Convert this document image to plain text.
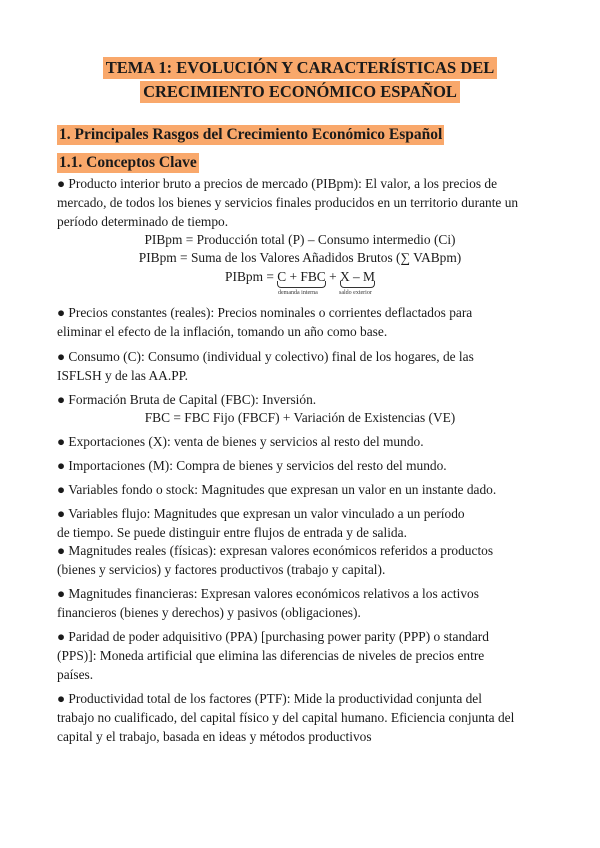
TEMA 1: EVOLUCIÓN Y CARACTERÍSTICAS DEL
CRECIMIENTO ECONÓMICO ESPAÑOL
1. Principales Rasgos del Crecimiento Económico Español
1.1. Conceptos Clave
● Producto interior bruto a precios de mercado (PIBpm): El valor, a los precios de
mercado, de todos los bienes y servicios finales producidos en un territorio durante un
período determinado de tiempo.
PIBpm = Producción total (P) – Consumo intermedio (Ci)
PIBpm = Suma de los Valores Añadidos Brutos (∑ VABpm)
PIBpm = C + FBC
+ X – M
demanda interna	saldo exterior
● Precios constantes (reales): Precios nominales o corrientes deflactados para
eliminar el efecto de la inflación, tomando un año como base.
● Consumo (C): Consumo (individual y colectivo) final de los hogares, de las
ISFLSH y de las AA.PP.
● Formación Bruta de Capital (FBC): Inversión.
FBC = FBC Fijo (FBCF) + Variación de Existencias (VE)
● Exportaciones (X): venta de bienes y servicios al resto del mundo.
● Importaciones (M): Compra de bienes y servicios del resto del mundo.
● Variables fondo o stock: Magnitudes que expresan un valor en un instante dado.
● Variables flujo: Magnitudes que expresan un valor vinculado a un período
de tiempo. Se puede distinguir entre flujos de entrada y de salida.
● Magnitudes reales (físicas): expresan valores económicos referidos a productos
(bienes y servicios) y factores productivos (trabajo y capital).
● Magnitudes financieras: Expresan valores económicos relativos a los activos
financieros (bienes y derechos) y pasivos (obligaciones).
● Paridad de poder adquisitivo (PPA) [purchasing power parity (PPP) o standard
(PPS)]: Moneda artificial que elimina las diferencias de niveles de precios entre
países.
● Productividad total de los factores (PTF): Mide la productividad conjunta del
trabajo no cualificado, del capital físico y del capital humano. Eficiencia conjunta del
capital y el trabajo, basada en ideas y métodos productivos
